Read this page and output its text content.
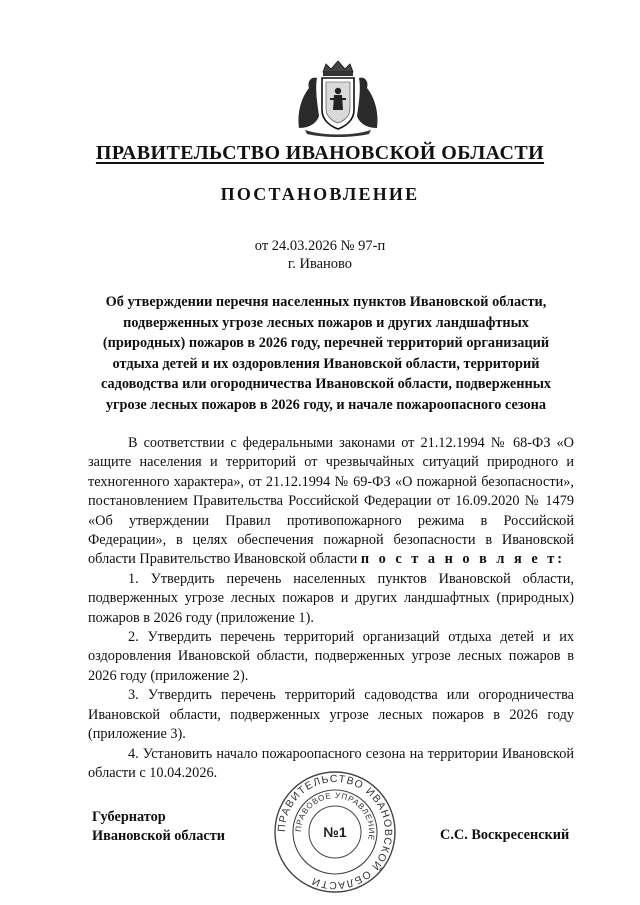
ПРАВИТЕЛЬСТВО ИВАНОВСКОЙ ОБЛАСТИ
ПОСТАНОВЛЕНИЕ

от 24.03.2026 № 97-п

г. Иваново

Об утверждении перечня населенных пунктов Ивановской области, подверженных угрозе лесных пожаров и других ландшафтных (природных) пожаров в 2026 году, перечней территорий организаций отдыха детей и их оздоровления Ивановской области, территорий садоводства или огородничества Ивановской области, подверженных угрозе лесных пожаров в 2026 году, и начале пожароопасного сезона

В соответствии с федеральными законами от 21.12.1994 № 68-ФЗ «О защите населения и территорий от чрезвычайных ситуаций природного и техногенного характера», от 21.12.1994 № 69-ФЗ «О пожарной безопасности», постановлением Правительства Российской Федерации от 16.09.2020 № 1479 «Об утверждении Правил противопожарного режима в Российской Федерации», в целях обеспечения пожарной безопасности в Ивановской области Правительство Ивановской области п о с т а н о в л я е т:

1. Утвердить перечень населенных пунктов Ивановской области, подверженных угрозе лесных пожаров и других ландшафтных (природных) пожаров в 2026 году (приложение 1).

2. Утвердить перечень территорий организаций отдыха детей и их оздоровления Ивановской области, подверженных угрозе лесных пожаров в 2026 году (приложение 2).

3. Утвердить перечень территорий садоводства или огородничества Ивановской области, подверженных угрозе лесных пожаров в 2026 году (приложение 3).

4. Установить начало пожароопасного сезона на территории Ивановской области с 10.04.2026.

Губернатор
Ивановской области
ПРАВИТЕЛЬСТВО ИВАНОВСКОЙ ОБЛАСТИ
ПРАВОВОЕ УПРАВЛЕНИЕ
№1	С.С. Воскресенский
